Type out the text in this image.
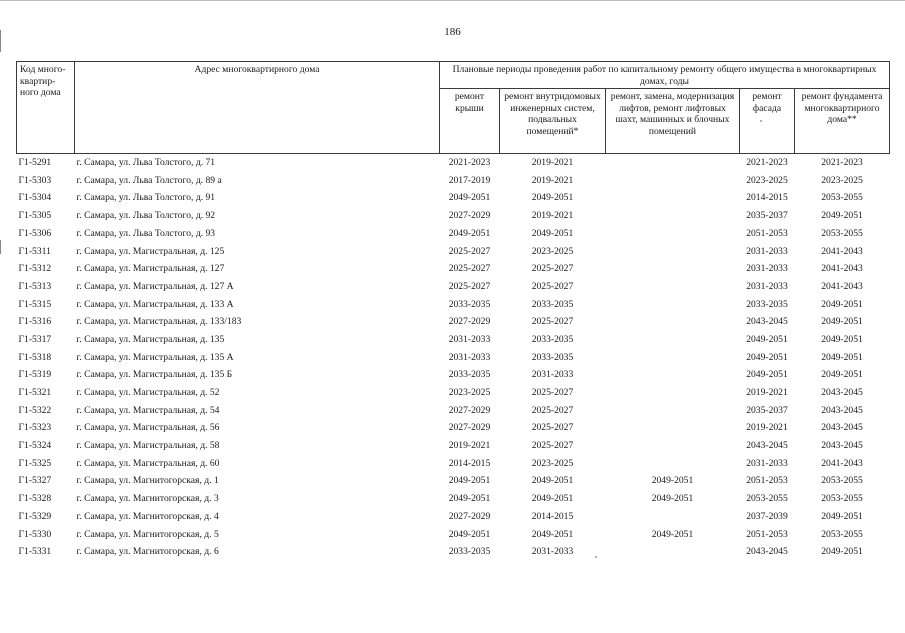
186
Код много-квартир-ного дома	Адрес многоквартирного дома	Плановые периоды проведения работ по капитальному ремонту общего имущества в многоквартирных домах, годы				
		ремонт крыши	ремонт внутридомовых инженерных систем, подвальных помещений*	ремонт, замена, модернизация лифтов, ремонт лифтовых шахт, машинных и блочных помещений	ремонт фасада	ремонт фундамента многоквартирного дома**
Г1-5291	г. Самара, ул. Льва Толстого, д. 71	2021-2023	2019-2021		2021-2023	2021-2023
Г1-5303	г. Самара, ул. Льва Толстого, д. 89 а	2017-2019	2019-2021		2023-2025	2023-2025
Г1-5304	г. Самара, ул. Льва Толстого, д. 91	2049-2051	2049-2051		2014-2015	2053-2055
Г1-5305	г. Самара, ул. Льва Толстого, д. 92	2027-2029	2019-2021		2035-2037	2049-2051
Г1-5306	г. Самара, ул. Льва Толстого, д. 93	2049-2051	2049-2051		2051-2053	2053-2055
Г1-5311	г. Самара, ул. Магистральная, д. 125	2025-2027	2023-2025		2031-2033	2041-2043
Г1-5312	г. Самара, ул. Магистральная, д. 127	2025-2027	2025-2027		2031-2033	2041-2043
Г1-5313	г. Самара, ул. Магистральная, д. 127 А	2025-2027	2025-2027		2031-2033	2041-2043
Г1-5315	г. Самара, ул. Магистральная, д. 133 А	2033-2035	2033-2035		2033-2035	2049-2051
Г1-5316	г. Самара, ул. Магистральная, д. 133/183	2027-2029	2025-2027		2043-2045	2049-2051
Г1-5317	г. Самара, ул. Магистральная, д. 135	2031-2033	2033-2035		2049-2051	2049-2051
Г1-5318	г. Самара, ул. Магистральная, д. 135 А	2031-2033	2033-2035		2049-2051	2049-2051
Г1-5319	г. Самара, ул. Магистральная, д. 135 Б	2033-2035	2031-2033		2049-2051	2049-2051
Г1-5321	г. Самара, ул. Магистральная, д. 52	2023-2025	2025-2027		2019-2021	2043-2045
Г1-5322	г. Самара, ул. Магистральная, д. 54	2027-2029	2025-2027		2035-2037	2043-2045
Г1-5323	г. Самара, ул. Магистральная, д. 56	2027-2029	2025-2027		2019-2021	2043-2045
Г1-5324	г. Самара, ул. Магистральная, д. 58	2019-2021	2025-2027		2043-2045	2043-2045
Г1-5325	г. Самара, ул. Магистральная, д. 60	2014-2015	2023-2025		2031-2033	2041-2043
Г1-5327	г. Самара, ул. Магнитогорская, д. 1	2049-2051	2049-2051	2049-2051	2051-2053	2053-2055
Г1-5328	г. Самара, ул. Магнитогорская, д. 3	2049-2051	2049-2051	2049-2051	2053-2055	2053-2055
Г1-5329	г. Самара, ул. Магнитогорская, д. 4	2027-2029	2014-2015		2037-2039	2049-2051
Г1-5330	г. Самара, ул. Магнитогорская, д. 5	2049-2051	2049-2051	2049-2051	2051-2053	2053-2055
Г1-5331	г. Самара, ул. Магнитогорская, д. 6	2033-2035	2031-2033		2043-2045	2049-2051
